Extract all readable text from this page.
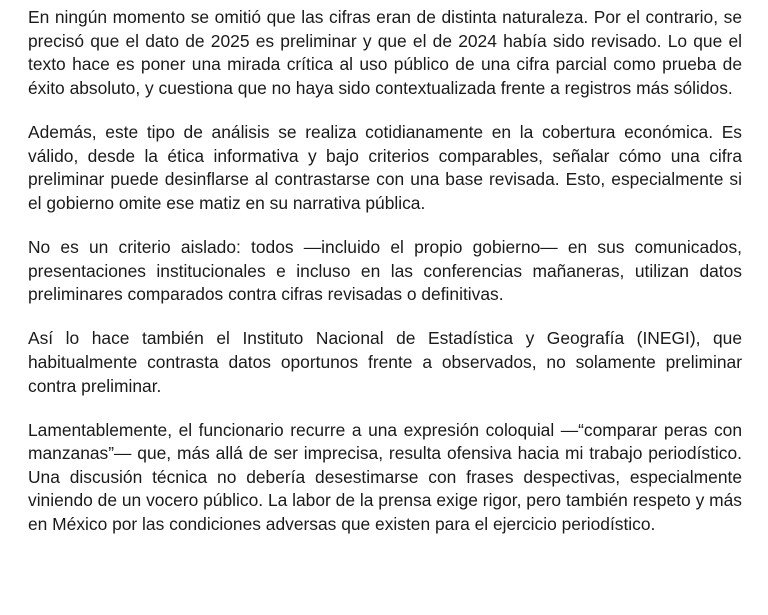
En ningún momento se omitió que las cifras eran de distinta naturaleza. Por el contrario, se precisó que el dato de 2025 es preliminar y que el de 2024 había sido revisado. Lo que el texto hace es poner una mirada crítica al uso público de una cifra parcial como prueba de éxito absoluto, y cuestiona que no haya sido contextualizada frente a registros más sólidos.

Además, este tipo de análisis se realiza cotidianamente en la cobertura económica. Es válido, desde la ética informativa y bajo criterios comparables, señalar cómo una cifra preliminar puede desinflarse al contrastarse con una base revisada. Esto, especialmente si el gobierno omite ese matiz en su narrativa pública.

No es un criterio aislado: todos —incluido el propio gobierno— en sus comunicados, presentaciones institucionales e incluso en las conferencias mañaneras, utilizan datos preliminares comparados contra cifras revisadas o definitivas.

Así lo hace también el Instituto Nacional de Estadística y Geografía (INEGI), que habitualmente contrasta datos oportunos frente a observados, no solamente preliminar contra preliminar.

Lamentablemente, el funcionario recurre a una expresión coloquial —“comparar peras con manzanas”— que, más allá de ser imprecisa, resulta ofensiva hacia mi trabajo periodístico. Una discusión técnica no debería desestimarse con frases despectivas, especialmente viniendo de un vocero público. La labor de la prensa exige rigor, pero también respeto y más en México por las condiciones adversas que existen para el ejercicio periodístico.
